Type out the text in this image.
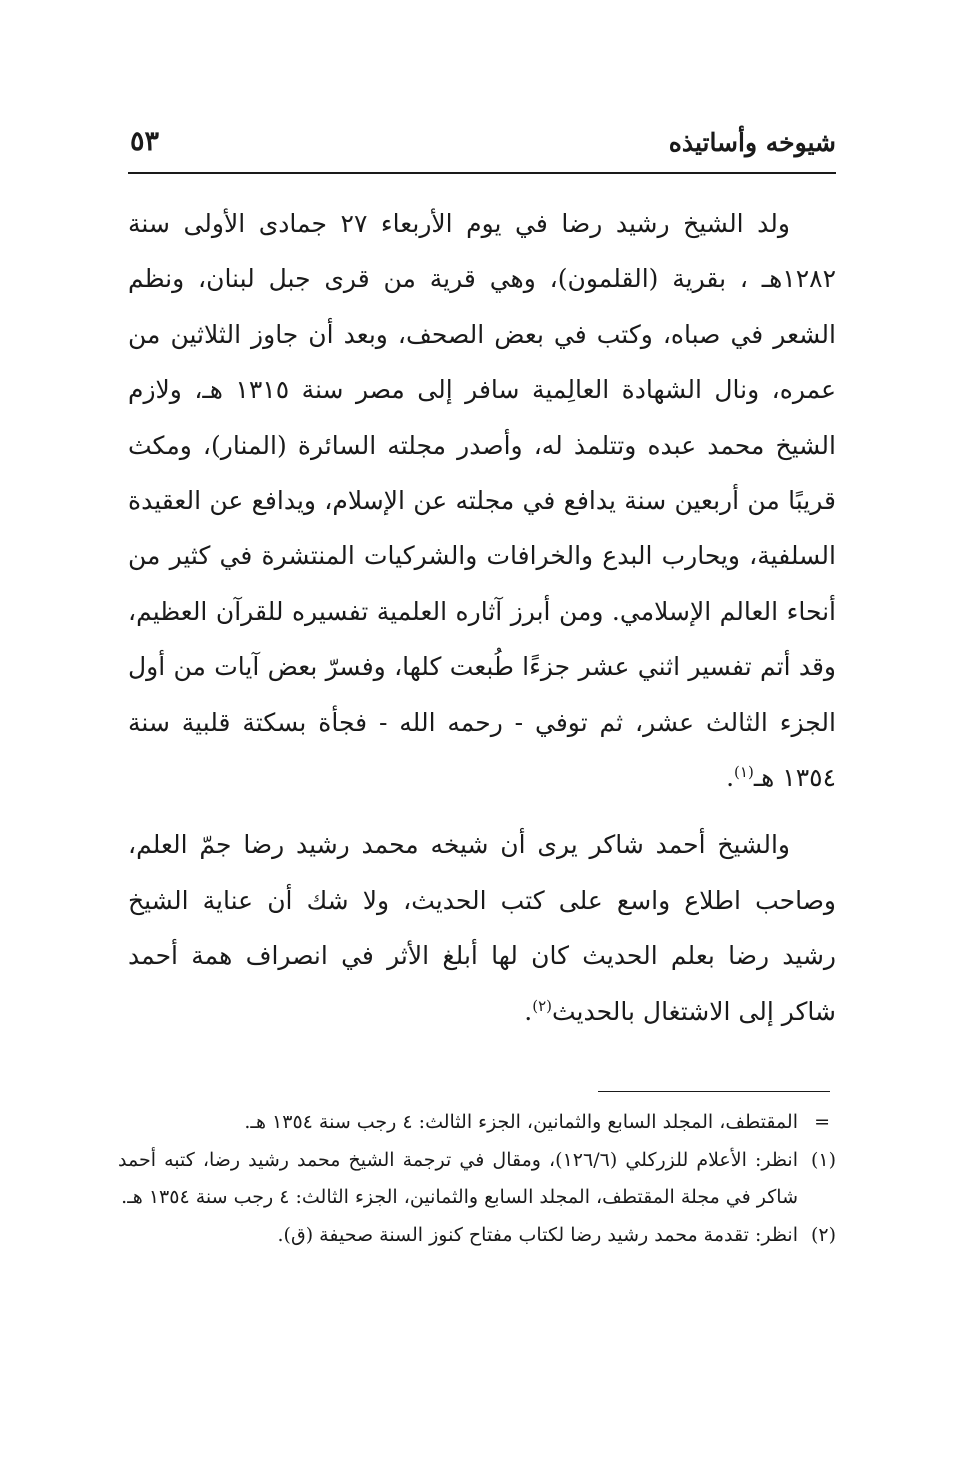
شيوخه وأساتيذه
٥٣

ولد الشيخ رشيد رضا في يوم الأربعاء ٢٧ جمادى الأولى سنة ١٢٨٢هـ ، بقرية (القلمون)، وهي قرية من قرى جبل لبنان، ونظم الشعر في صباه، وكتب في بعض الصحف، وبعد أن جاوز الثلاثين من عمره، ونال الشهادة العالِمية سافر إلى مصر سنة ١٣١٥ هـ، ولازم الشيخ محمد عبده وتتلمذ له، وأصدر مجلته السائرة (المنار)، ومكث قريبًا من أربعين سنة يدافع في مجلته عن الإسلام، ويدافع عن العقيدة السلفية، ويحارب البدع والخرافات والشركيات المنتشرة في كثير من أنحاء العالم الإسلامي. ومن أبرز آثاره العلمية تفسيره للقرآن العظيم، وقد أتم تفسير اثني عشر جزءًا طُبعت كلها، وفسرّ بعض آيات من أول الجزء الثالث عشر، ثم توفي - رحمه الله - فجأة بسكتة قلبية سنة ١٣٥٤ هـ$^{(١)}$.

والشيخ أحمد شاكر يرى أن شيخه محمد رشيد رضا جمّ العلم، وصاحب اطلاع واسع على كتب الحديث، ولا شك أن عناية الشيخ رشيد رضا بعلم الحديث كان لها أبلغ الأثر في انصراف همة أحمد شاكر إلى الاشتغال بالحديث$^{(٢)}$.

=
المقتطف، المجلد السابع والثمانين، الجزء الثالث: ٤ رجب سنة ١٣٥٤ هـ.
(١)
انظر: الأعلام للزركلي (١٢٦/٦)، ومقال في ترجمة الشيخ محمد رشيد رضا، كتبه أحمد شاكر في مجلة المقتطف، المجلد السابع والثمانين، الجزء الثالث: ٤ رجب سنة ١٣٥٤ هـ.
(٢)
انظر: تقدمة محمد رشيد رضا لكتاب مفتاح كنوز السنة صحيفة (ق).
